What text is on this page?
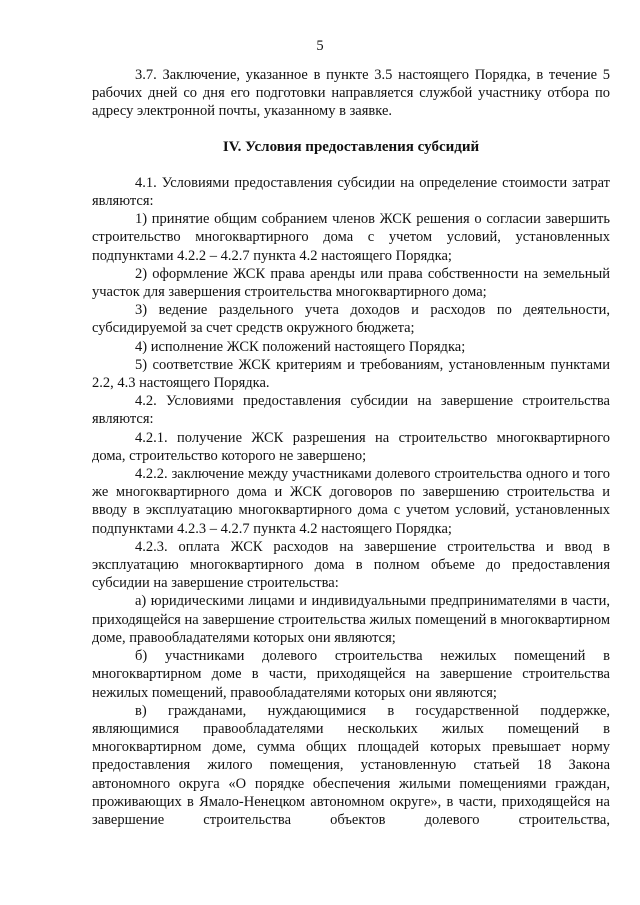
5

3.7. Заключение, указанное в пункте 3.5 настоящего Порядка, в течение 5 рабочих дней со дня его подготовки направляется службой участнику отбора по адресу электронной почты, указанному в заявке.

IV. Условия предоставления субсидий

4.1. Условиями предоставления субсидии на определение стоимости затрат являются:

1) принятие общим собранием членов ЖСК решения о согласии завершить строительство многоквартирного дома с учетом условий, установленных подпунктами 4.2.2 – 4.2.7 пункта 4.2 настоящего Порядка;

2) оформление ЖСК права аренды или права собственности на земельный участок для завершения строительства многоквартирного дома;

3) ведение раздельного учета доходов и расходов по деятельности, субсидируемой за счет средств окружного бюджета;

4) исполнение ЖСК положений настоящего Порядка;

5) соответствие ЖСК критериям и требованиям, установленным пунктами 2.2, 4.3 настоящего Порядка.

4.2. Условиями предоставления субсидии на завершение строительства являются:

4.2.1. получение ЖСК разрешения на строительство многоквартирного дома, строительство которого не завершено;

4.2.2. заключение между участниками долевого строительства одного и того же многоквартирного дома и ЖСК договоров по завершению строительства и вводу в эксплуатацию многоквартирного дома с учетом условий, установленных подпунктами 4.2.3 – 4.2.7 пункта 4.2 настоящего Порядка;

4.2.3. оплата ЖСК расходов на завершение строительства и ввод в эксплуатацию многоквартирного дома в полном объеме до предоставления субсидии на завершение строительства:

а) юридическими лицами и индивидуальными предпринимателями в части, приходящейся на завершение строительства жилых помещений в многоквартирном доме, правообладателями которых они являются;

б) участниками долевого строительства нежилых помещений в многоквартирном доме в части, приходящейся на завершение строительства нежилых помещений, правообладателями которых они являются;

в) гражданами, нуждающимися в государственной поддержке, являющимися правообладателями нескольких жилых помещений в многоквартирном доме, сумма общих площадей которых превышает норму предоставления жилого помещения, установленную статьей 18 Закона автономного округа «О порядке обеспечения жилыми помещениями граждан, проживающих в Ямало-Ненецком автономном округе», в части, приходящейся на завершение строительства объектов долевого строительства,
